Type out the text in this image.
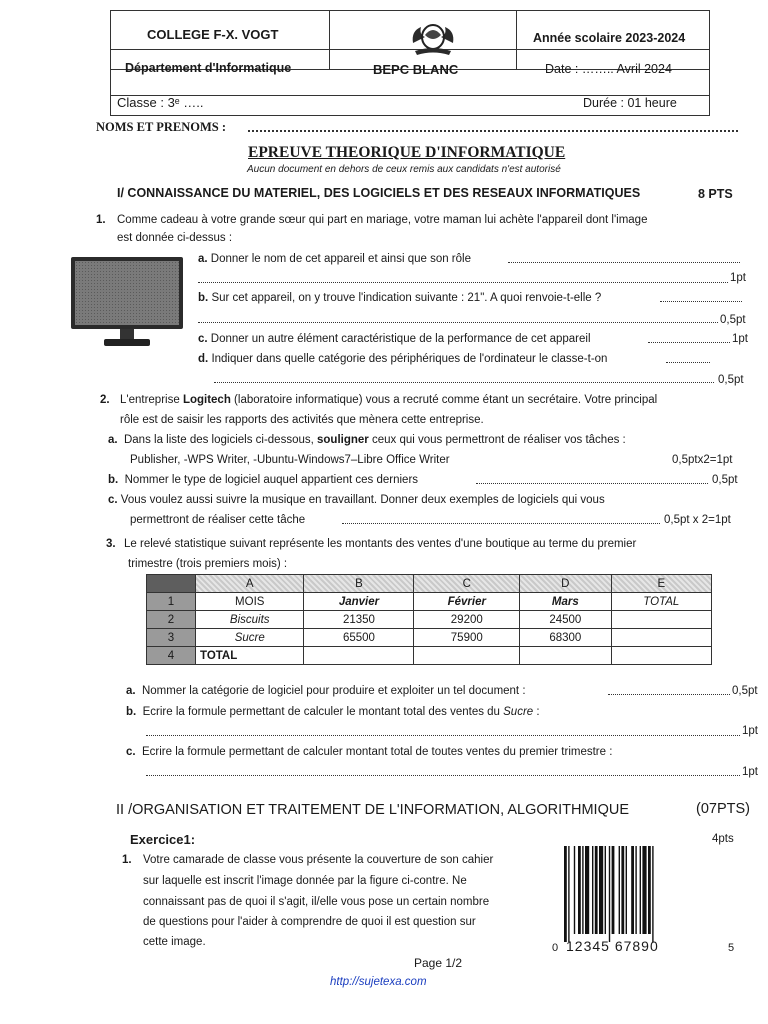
COLLEGE F-X. VOGT
Département d'Informatique
Année scolaire 2023-2024
Date : …….. Avril 2024
BEPC BLANC
Classe : 3ᵉ …..	Durée : 01 heure
NOMS ET PRENOMS :
EPREUVE THEORIQUE D'INFORMATIQUE
Aucun document en dehors de ceux remis aux candidats n'est autorisé
I/ CONNAISSANCE DU MATERIEL, DES LOGICIELS ET DES RESEAUX INFORMATIQUES	8 PTS
1. Comme cadeau à votre grande sœur qui part en mariage, votre maman lui achète l'appareil dont l'image
est donnée ci-dessus :
a. Donner le nom de cet appareil et ainsi que son rôle
1pt
b. Sur cet appareil, on y trouve l'indication suivante : 21". A quoi renvoie-t-elle ?
0,5pt
c. Donner un autre élément caractéristique de la performance de cet appareil	1pt
d. Indiquer dans quelle catégorie des périphériques de l'ordinateur le classe-t-on
0,5pt
2. L'entreprise Logitech (laboratoire informatique) vous a recruté comme étant un secrétaire. Votre principal
rôle est de saisir les rapports des activités que mènera cette entreprise.
a. Dans la liste des logiciels ci-dessous, souligner ceux qui vous permettront de réaliser vos tâches :
Publisher, -WPS Writer, -Ubuntu-Windows7–Libre Office Writer	0,5ptx2=1pt
b. Nommer le type de logiciel auquel appartient ces derniers	0,5pt
c. Vous voulez aussi suivre la musique en travaillant. Donner deux exemples de logiciels qui vous
permettront de réaliser cette tâche	0,5pt x 2=1pt
3. Le relevé statistique suivant représente les montants des ventes d'une boutique au terme du premier
trimestre (trois premiers mois) :
	A	B	C	D	E
1	MOIS	Janvier	Février	Mars	TOTAL
2	Biscuits	21350	29200	24500	
3	Sucre	65500	75900	68300	
4	TOTAL				
a. Nommer la catégorie de logiciel pour produire et exploiter un tel document :	0,5pt
b. Ecrire la formule permettant de calculer le montant total des ventes du Sucre :
1pt
c. Ecrire la formule permettant de calculer montant total de toutes ventes du premier trimestre :
1pt
II /ORGANISATION ET TRAITEMENT DE L'INFORMATION, ALGORITHMIQUE	(07PTS)
Exercice1:	4pts
1. Votre camarade de classe vous présente la couverture de son cahier
sur laquelle est inscrit l'image donnée par la figure ci-contre. Ne
connaissant pas de quoi il s'agit, il/elle vous pose un certain nombre
de questions pour l'aider à comprendre de quoi il est question sur
cette image.	0 12345 67890	5
Page 1/2
http://sujetexa.com
